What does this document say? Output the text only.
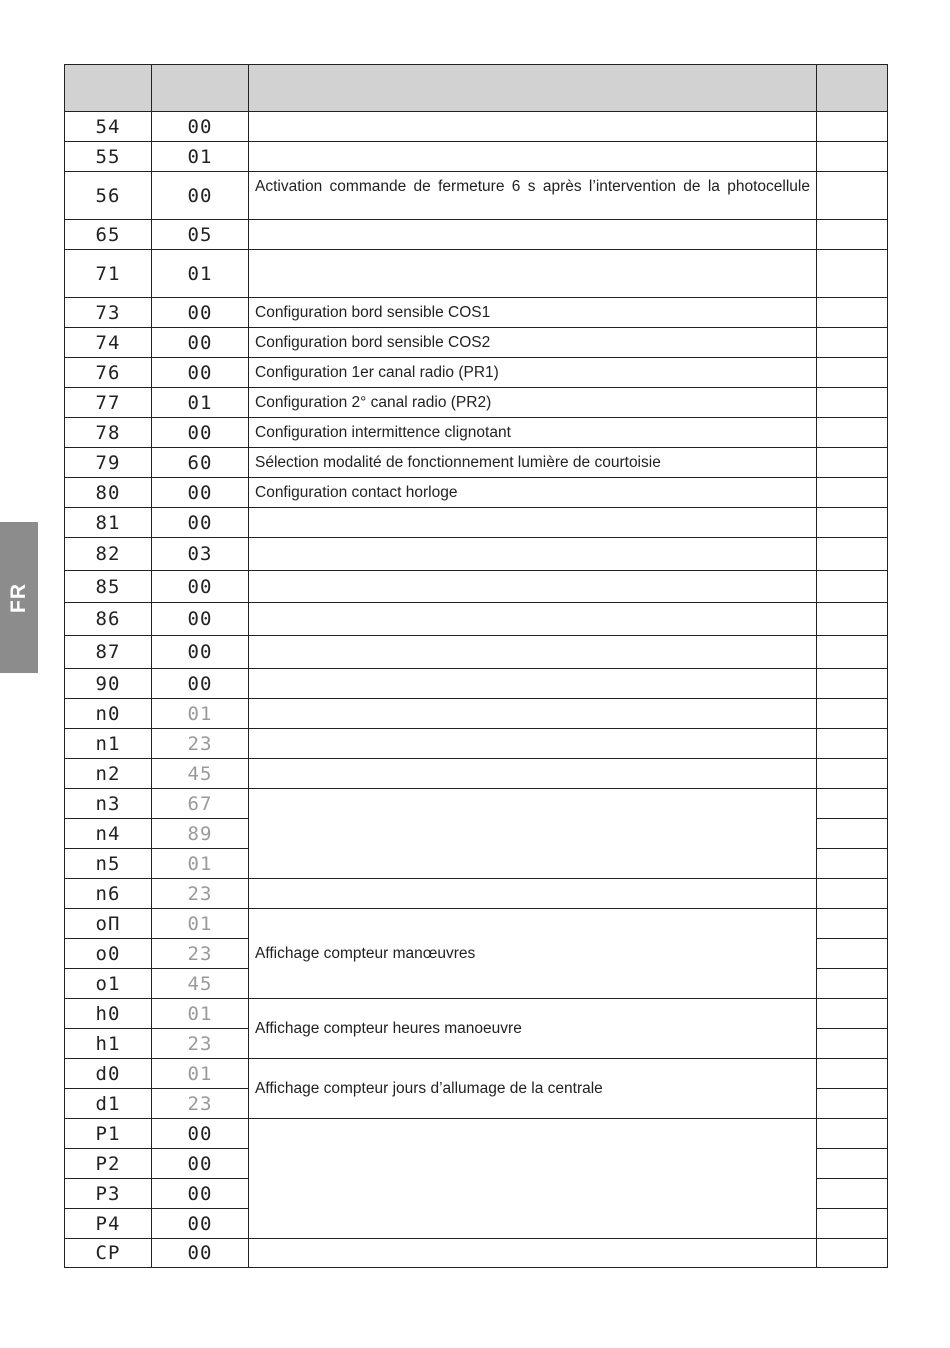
FR

54	00		
55	01		
56	00	Activation commande de fermeture 6 s après l’intervention de la photocellule	
65	05		
71	01		
73	00	Configuration bord sensible COS1	
74	00	Configuration bord sensible COS2	
76	00	Configuration 1er canal radio (PR1)	
77	01	Configuration 2° canal radio (PR2)	
78	00	Configuration intermittence clignotant	
79	60	Sélection modalité de fonctionnement lumière de courtoisie	
80	00	Configuration contact horloge	
81	00		
82	03		
85	00		
86	00		
87	00		
90	00		
n0	01		
n1	23		
n2	45		
n3	67		
n4	89		
n5	01		
n6	23		
oΠ	01	Affichage compteur manœuvres	
o0	23		
o1	45		
h0	01	Affichage compteur heures manoeuvre	
h1	23		
d0	01	Affichage compteur jours d’allumage de la centrale	
d1	23		
P1	00		
P2	00		
P3	00		
P4	00		
CP	00		
